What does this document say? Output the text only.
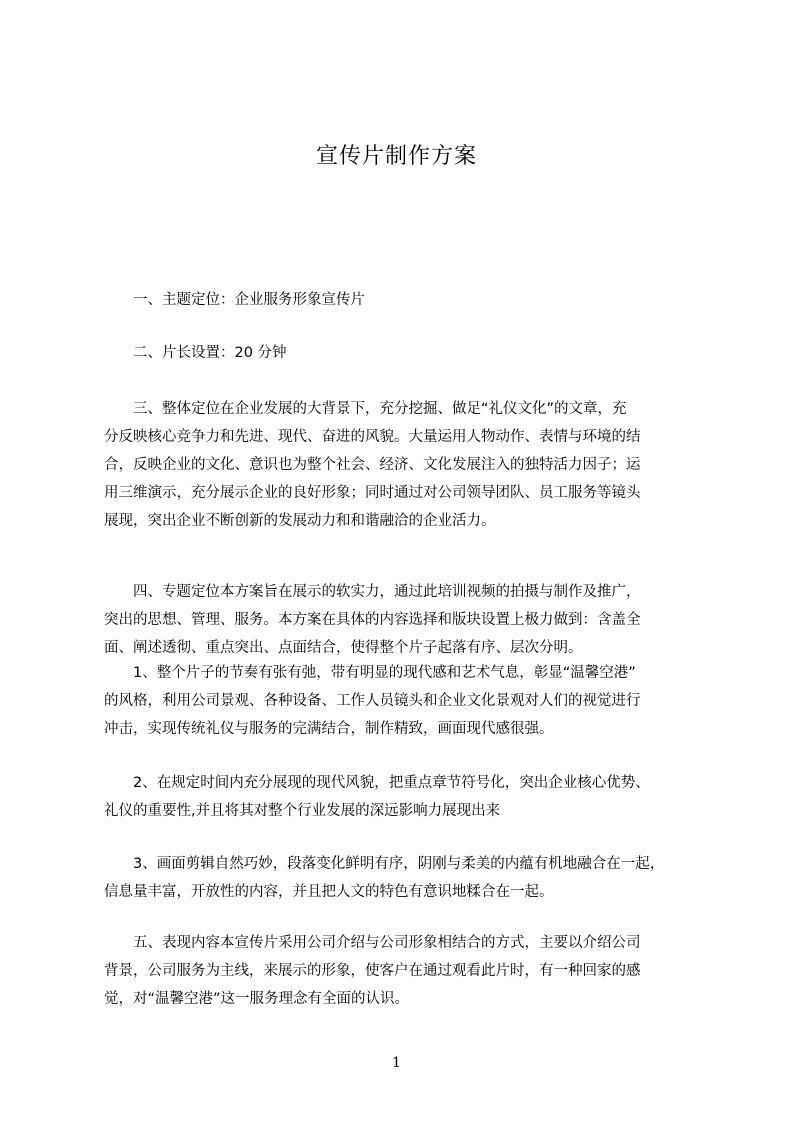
宣传片制作方案
　　一、主题定位：企业服务形象宣传片
　　二、片长设置：20 分钟
　　三、整体定位在企业发展的大背景下，充分挖掘、做足“礼仪文化”的文章，充
分反映核心竞争力和先进、现代、奋进的风貌。大量运用人物动作、表情与环境的结
合，反映企业的文化、意识也为整个社会、经济、文化发展注入的独特活力因子；运
用三维演示，充分展示企业的良好形象；同时通过对公司领导团队、员工服务等镜头
展现，突出企业不断创新的发展动力和和谐融洽的企业活力。
　　四、专题定位本方案旨在展示的软实力，通过此培训视频的拍摄与制作及推广，
突出的思想、管理、服务。本方案在具体的内容选择和版块设置上极力做到：含盖全
面、阐述透彻、重点突出、点面结合，使得整个片子起落有序、层次分明。
　　1、整个片子的节奏有张有弛，带有明显的现代感和艺术气息，彰显“温馨空港”
的风格，利用公司景观、各种设备、工作人员镜头和企业文化景观对人们的视觉进行
冲击，实现传统礼仪与服务的完满结合，制作精致，画面现代感很强。
　　2、在规定时间内充分展现的现代风貌，把重点章节符号化，突出企业核心优势、
礼仪的重要性,并且将其对整个行业发展的深远影响力展现出来
　　3、画面剪辑自然巧妙，段落变化鲜明有序，阴刚与柔美的内蕴有机地融合在一起，
信息量丰富，开放性的内容，并且把人文的特色有意识地糅合在一起。
　　五、表现内容本宣传片采用公司介绍与公司形象相结合的方式，主要以介绍公司
背景，公司服务为主线，来展示的形象，使客户在通过观看此片时，有一种回家的感
觉，对“温馨空港”这一服务理念有全面的认识。
1
